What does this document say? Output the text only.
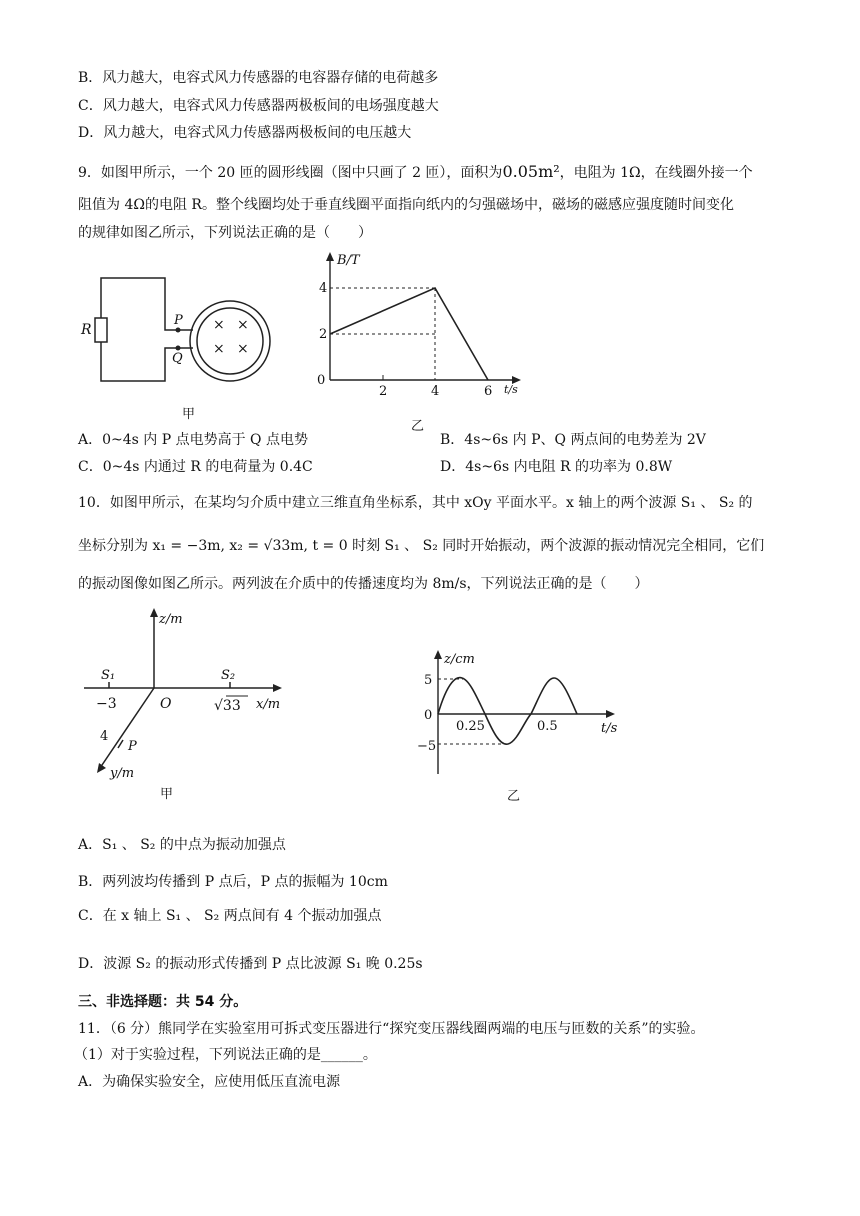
B．风力越大，电容式风力传感器的电容器存储的电荷越多
C．风力越大，电容式风力传感器两极板间的电场强度越大
D．风力越大，电容式风力传感器两极板间的电压越大
9．如图甲所示，一个 20 匝的圆形线圈（图中只画了 2 匝），面积为0.05m²，电阻为 1Ω，在线圈外接一个
阻值为 4Ω的电阻 R。整个线圈均处于垂直线圈平面指向纸内的匀强磁场中，磁场的磁感应强度随时间变化
的规律如图乙所示，下列说法正确的是（　　）
R
P
Q
× ×
× ×
甲
B/T
t/s
0
2
4
2	4	6
乙
A．0~4s 内 P 点电势高于 Q 点电势	B．4s~6s 内 P、Q 两点间的电势差为 2V
C．0~4s 内通过 R 的电荷量为 0.4C	D．4s~6s 内电阻 R 的功率为 0.8W
10．如图甲所示，在某均匀介质中建立三维直角坐标系，其中 xOy 平面水平。x 轴上的两个波源 S₁ 、 S₂ 的
坐标分别为 x₁ = −3m, x₂ = √33m, t = 0 时刻 S₁ 、 S₂ 同时开始振动，两个波源的振动情况完全相同，它们
的振动图像如图乙所示。两列波在介质中的传播速度均为 8m/s，下列说法正确的是（　　）
z/m
x/m
y/m
O
S₁	S₂
−3	√33
4
P
甲
z/cm
t/s
5
0
−5
0.25	0.5
乙
A．S₁ 、 S₂ 的中点为振动加强点
B．两列波均传播到 P 点后，P 点的振幅为 10cm
C．在 x 轴上 S₁ 、 S₂ 两点间有 4 个振动加强点
D．波源 S₂ 的振动形式传播到 P 点比波源 S₁ 晚 0.25s
三、非选择题：共 54 分。
11．（6 分）熊同学在实验室用可拆式变压器进行“探究变压器线圈两端的电压与匝数的关系”的实验。
（1）对于实验过程，下列说法正确的是______。
A．为确保实验安全，应使用低压直流电源
